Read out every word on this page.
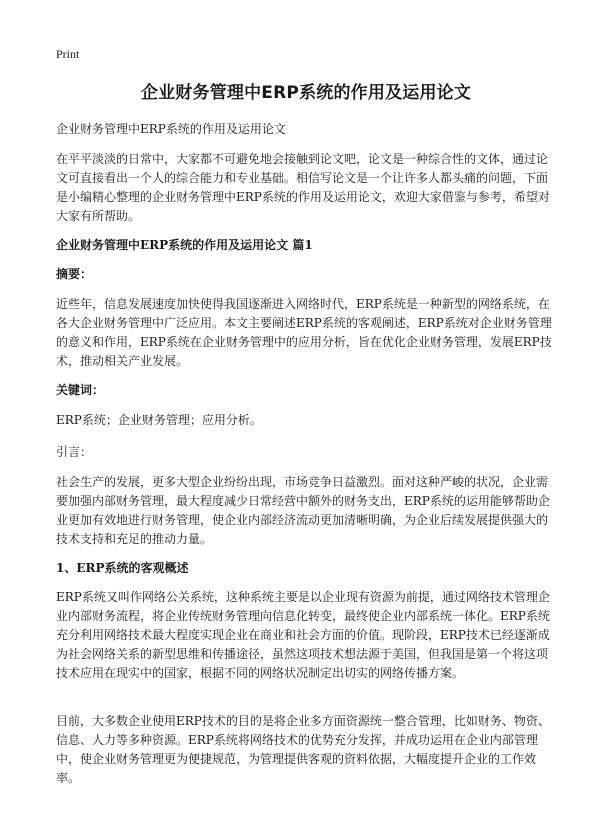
Print
企业财务管理中ERP系统的作用及运用论文

企业财务管理中ERP系统的作用及运用论文

在平平淡淡的日常中，大家都不可避免地会接触到论文吧，论文是一种综合性的文体，通过论文可直接看出一个人的综合能力和专业基础。相信写论文是一个让许多人都头痛的问题，下面是小编精心整理的企业财务管理中ERP系统的作用及运用论文，欢迎大家借鉴与参考，希望对大家有所帮助。

企业财务管理中ERP系统的作用及运用论文 篇1

摘要：

近些年，信息发展速度加快使得我国逐渐进入网络时代，ERP系统是一种新型的网络系统，在各大企业财务管理中广泛应用。本文主要阐述ERP系统的客观阐述，ERP系统对企业财务管理的意义和作用，ERP系统在企业财务管理中的应用分析，旨在优化企业财务管理，发展ERP技术，推动相关产业发展。

关键词：

ERP系统；企业财务管理；应用分析。

引言：

社会生产的发展，更多大型企业纷纷出现，市场竞争日益激烈。面对这种严峻的状况，企业需要加强内部财务管理，最大程度减少日常经营中额外的财务支出，ERP系统的运用能够帮助企业更加有效地进行财务管理，使企业内部经济流动更加清晰明确，为企业后续发展提供强大的技术支持和充足的推动力量。

1、ERP系统的客观概述

ERP系统又叫作网络公关系统，这种系统主要是以企业现有资源为前提，通过网络技术管理企业内部财务流程，将企业传统财务管理向信息化转变，最终使企业内部系统一体化。ERP系统充分利用网络技术最大程度实现企业在商业和社会方面的价值。现阶段，ERP技术已经逐渐成为社会网络关系的新型思维和传播途径，虽然这项技术想法源于美国，但我国是第一个将这项技术应用在现实中的国家，根据不同的网络状况制定出切实的网络传播方案。

目前，大多数企业使用ERP技术的目的是将企业多方面资源统一整合管理，比如财务、物资、信息、人力等多种资源。ERP系统将网络技术的优势充分发挥，并成功运用在企业内部管理中，使企业财务管理更为便捷规范，为管理提供客观的资料依据，大幅度提升企业的工作效率。
